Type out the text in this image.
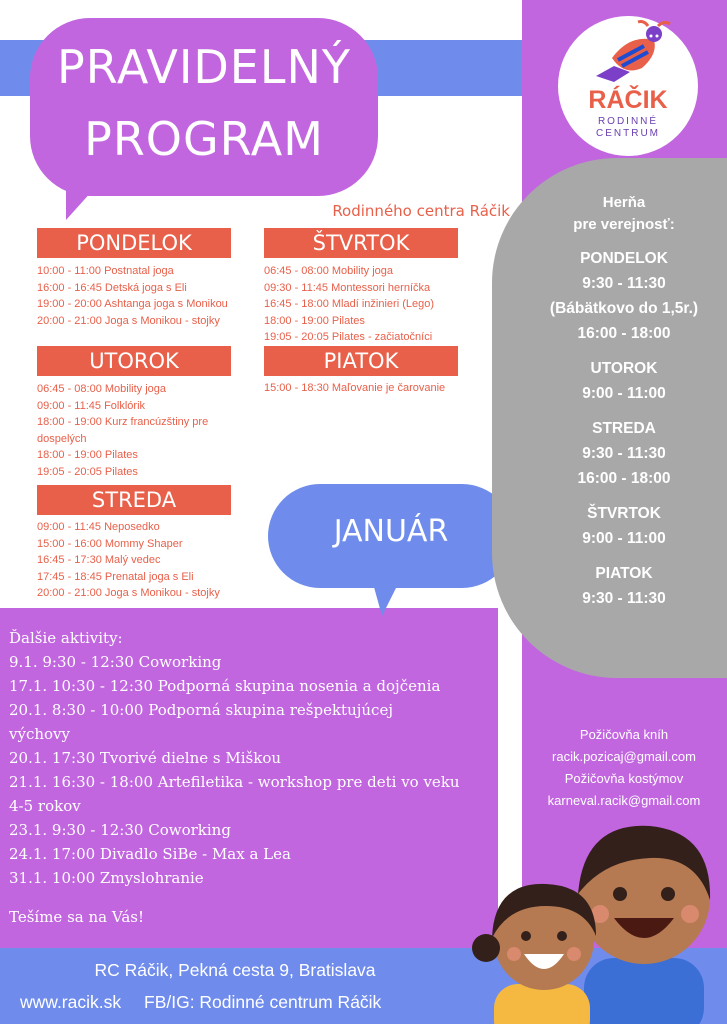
PRAVIDELNÝ
PROGRAM
Rodinného centra Ráčik
RÁČIK
RODINNÉ
CENTRUM
PONDELOK
10:00 - 11:00 Postnatal joga
16:00 - 16:45 Detská joga s Eli
19:00 - 20:00 Ashtanga joga s Monikou
20:00 - 21:00 Joga s Monikou - stojky
UTOROK
06:45 - 08:00 Mobility joga
09:00 - 11:45 Folklórik
18:00 - 19:00 Kurz francúzštiny pre
dospelých
18:00 - 19:00 Pilates
19:05 - 20:05 Pilates
STREDA
09:00 - 11:45 Neposedko
15:00 - 16:00 Mommy Shaper
16:45 - 17:30 Malý vedec
17:45 - 18:45 Prenatal joga s Eli
20:00 - 21:00 Joga s Monikou - stojky
ŠTVRTOK
06:45 - 08:00 Mobility joga
09:30 - 11:45 Montessori herníčka
16:45 - 18:00 Mladí inžinieri (Lego)
18:00 - 19:00 Pilates
19:05 - 20:05 Pilates - začiatočníci
PIATOK
15:00 - 18:30 Maľovanie je čarovanie
JANUÁR
Herňa
pre verejnosť:
PONDELOK
9:30 - 11:30
(Bábätkovo do 1,5r.)
16:00 - 18:00
UTOROK
9:00 - 11:00
STREDA
9:30 - 11:30
16:00 - 18:00
ŠTVRTOK
9:00 - 11:00
PIATOK
9:30 - 11:30
Požičovňa kníh
racik.pozicaj@gmail.com
Požičovňa kostýmov
karneval.racik@gmail.com
Ďalšie aktivity:
9.1. 9:30 - 12:30 Coworking
17.1. 10:30 - 12:30 Podporná skupina nosenia a dojčenia
20.1. 8:30 - 10:00 Podporná skupina rešpektujúcej
výchovy
20.1. 17:30 Tvorivé dielne s Miškou
21.1. 16:30 - 18:00 Artefiletika - workshop pre deti vo veku
4-5 rokov
23.1. 9:30 - 12:30 Coworking
24.1. 17:00 Divadlo SiBe - Max a Lea
31.1. 10:00 Zmyslohranie
Tešíme sa na Vás!
RC Ráčik, Pekná cesta 9, Bratislava
www.racik.sk FB/IG: Rodinné centrum Ráčik
